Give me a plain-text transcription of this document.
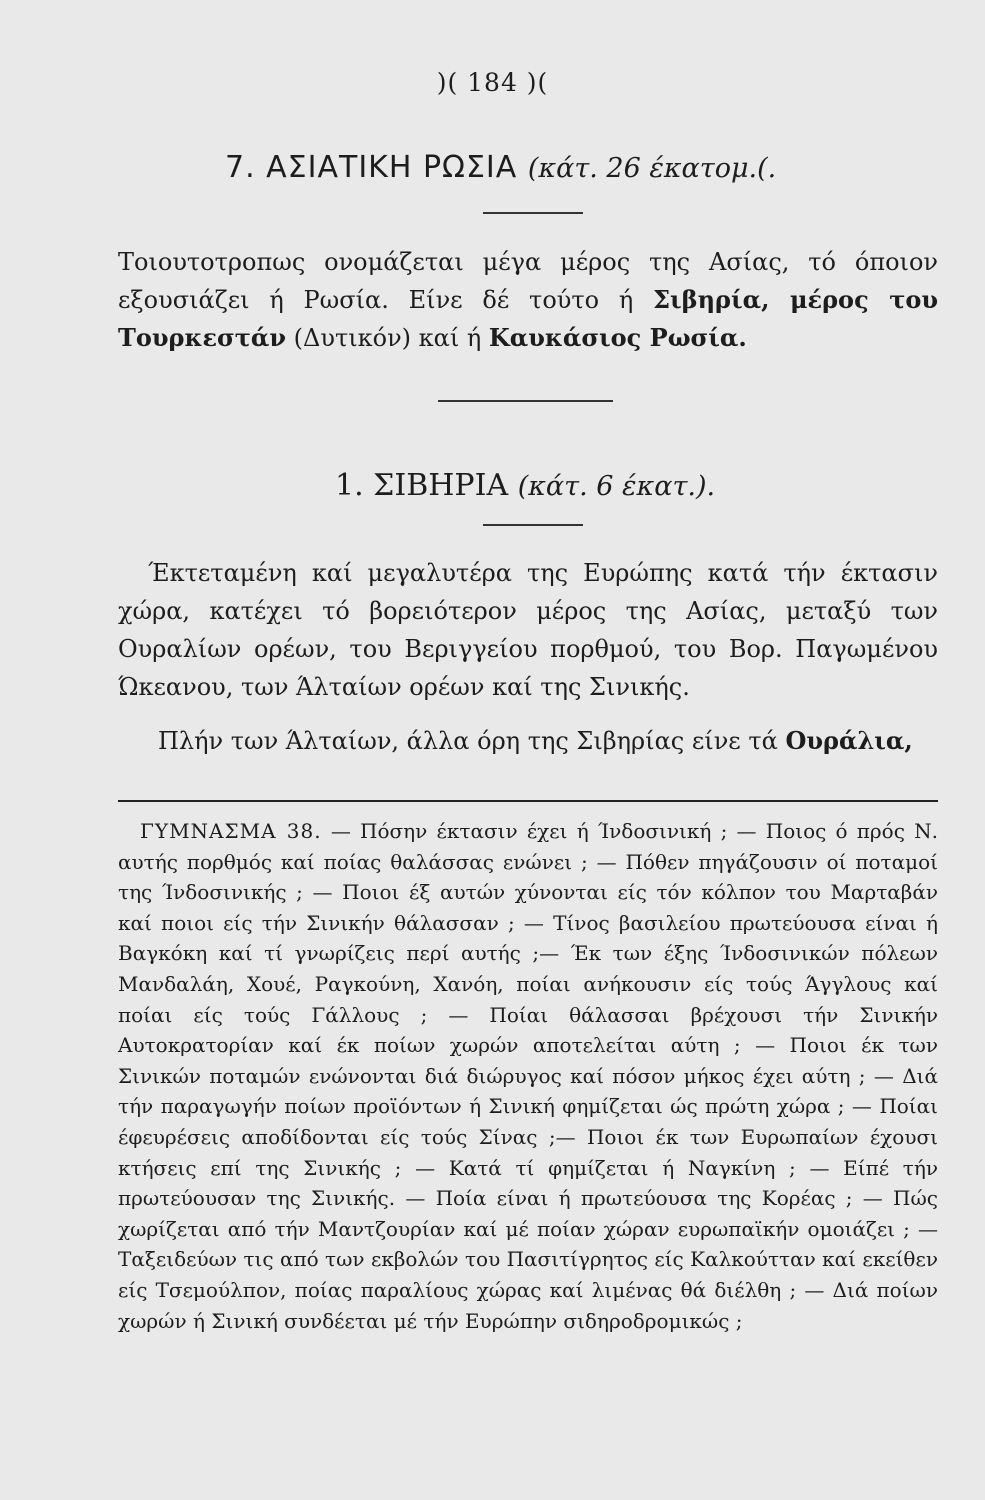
)( 184 )(
7. ΑΣΙΑΤΙΚΗ ΡΩΣΙΑ (κάτ. 26 έκατομ.(.

Τοιουτοτροπως ονομάζεται μέγα μέρος της Ασίας, τό όποιον εξουσιάζει ή Ρωσία. Είνε δέ τούτο ή Σιβηρία, μέρος του Τουρκεστάν (Δυτικόν) καί ή Καυκάσιος Ρωσία.

1. ΣΙΒΗΡΙΑ (κάτ. 6 έκατ.).

Έκτεταμένη καί μεγαλυτέρα της Ευρώπης κατά τήν έκτασιν χώρα, κατέχει τό βορειότερον μέρος της Ασίας, μεταξύ των Ουραλίων ορέων, του Βεριγγείου πορθμού, του Βορ. Παγωμένου Ώκεανου, των Άλταίων ορέων καί της Σινικής.

Πλήν των Άλταίων, άλλα όρη της Σιβηρίας είνε τά Ουράλια,

ΓΥΜΝΑΣΜΑ 38. — Πόσην έκτασιν έχει ή Ίνδοσινική ; — Ποιος ό πρός Ν. αυτής πορθμός καί ποίας θαλάσσας ενώνει ; — Πόθεν πηγάζουσιν οί ποταμοί της Ίνδοσινικής ; — Ποιοι έξ αυτών χύνονται είς τόν κόλπον του Μαρταβάν καί ποιοι είς τήν Σινικήν θάλασσαν ; — Τίνος βασιλείου πρωτεύουσα είναι ή Βαγκόκη καί τί γνωρίζεις περί αυτής ;— Έκ των έξης Ίνδοσινικών πόλεων Μανδαλάη, Χουέ, Ραγκούνη, Χανόη, ποίαι ανήκουσιν είς τούς Άγγλους καί ποίαι είς τούς Γάλλους ; — Ποίαι θάλασσαι βρέχουσι τήν Σινικήν Αυτοκρατορίαν καί έκ ποίων χωρών αποτελείται αύτη ; — Ποιοι έκ των Σινικών ποταμών ενώνονται διά διώρυγος καί πόσον μήκος έχει αύτη ; — Διά τήν παραγωγήν ποίων προϊόντων ή Σινική φημίζεται ώς πρώτη χώρα ; — Ποίαι έφευρέσεις αποδίδονται είς τούς Σίνας ;— Ποιοι έκ των Ευρωπαίων έχουσι κτήσεις επί της Σινικής ; — Κατά τί φημίζεται ή Ναγκίνη ; — Είπέ τήν πρωτεύουσαν της Σινικής. — Ποία είναι ή πρωτεύουσα της Κορέας ; — Πώς χωρίζεται από τήν Μαντζουρίαν καί μέ ποίαν χώραν ευρωπαϊκήν ομοιάζει ; — Ταξειδεύων τις από των εκβολών του Πασιτίγρητος είς Καλκούτταν καί εκείθεν είς Τσεμούλπον, ποίας παραλίους χώρας καί λιμένας θά διέλθη ; — Διά ποίων χωρών ή Σινική συνδέεται μέ τήν Ευρώπην σιδηροδρομικώς ;
